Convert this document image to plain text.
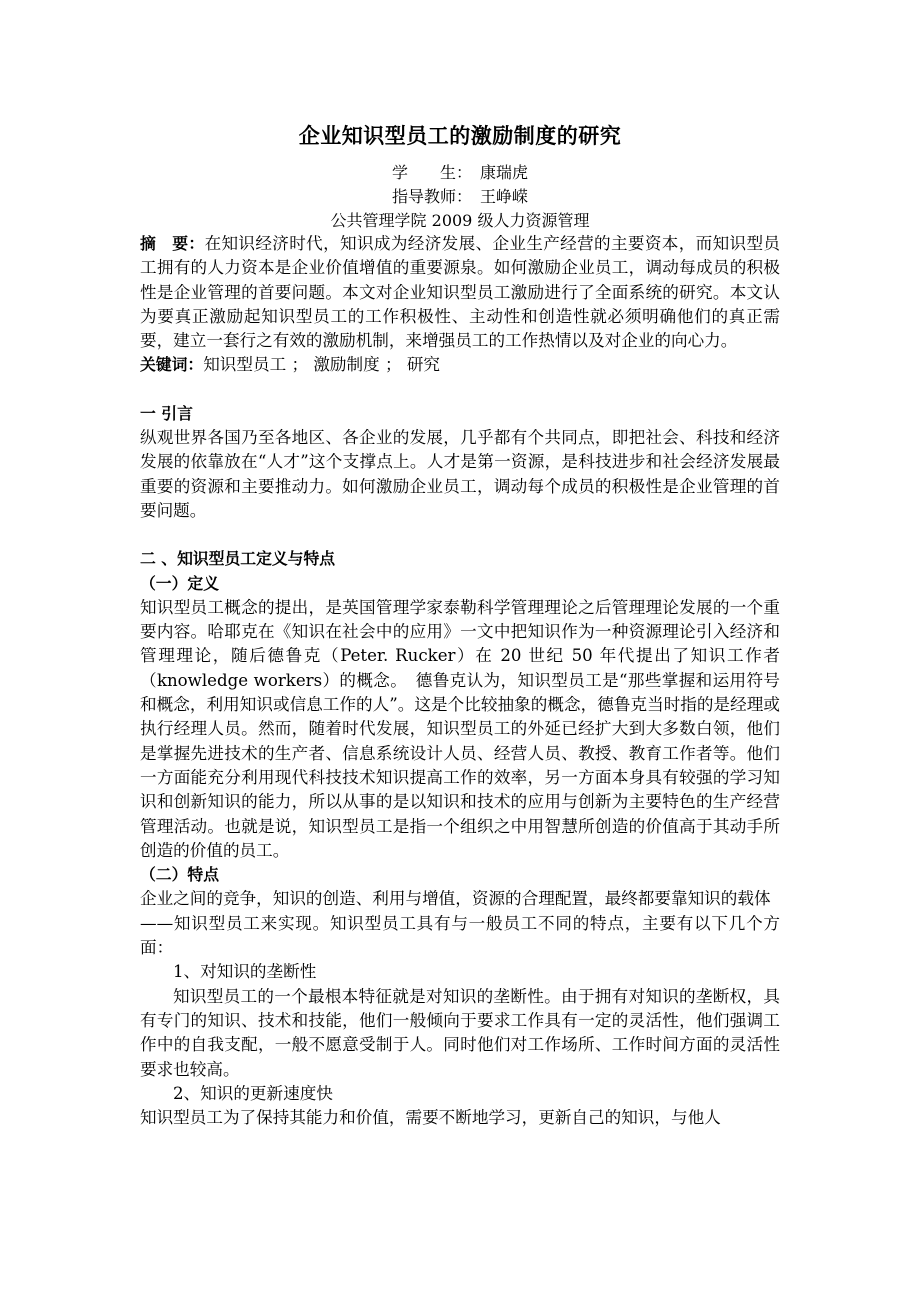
企业知识型员工的激励制度的研究
学　　生：　康瑞虎
指导教师：　王峥嵘
公共管理学院 2009 级人力资源管理

摘　要：在知识经济时代，知识成为经济发展、企业生产经营的主要资本，而知识型员工拥有的人力资本是企业价值增值的重要源泉。如何激励企业员工，调动每成员的积极性是企业管理的首要问题。本文对企业知识型员工激励进行了全面系统的研究。本文认为要真正激励起知识型员工的工作积极性、主动性和创造性就必须明确他们的真正需要，建立一套行之有效的激励机制，来增强员工的工作热情以及对企业的向心力。

关键词：知识型员工 ； 激励制度 ； 研究

一 引言

纵观世界各国乃至各地区、各企业的发展，几乎都有个共同点，即把社会、科技和经济发展的依靠放在“人才”这个支撑点上。人才是第一资源，是科技进步和社会经济发展最重要的资源和主要推动力。如何激励企业员工，调动每个成员的积极性是企业管理的首要问题。

二 、知识型员工定义与特点

（一）定义

知识型员工概念的提出，是英国管理学家泰勒科学管理理论之后管理理论发展的一个重要内容。哈耶克在《知识在社会中的应用》一文中把知识作为一种资源理论引入经济和管理理论，随后德鲁克（Peter. Rucker）在 20 世纪 50 年代提出了知识工作者（knowledge workers）的概念。　德鲁克认为，知识型员工是“那些掌握和运用符号和概念，利用知识或信息工作的人”。这是个比较抽象的概念，德鲁克当时指的是经理或执行经理人员。然而，随着时代发展，知识型员工的外延已经扩大到大多数白领，他们是掌握先进技术的生产者、信息系统设计人员、经营人员、教授、教育工作者等。他们一方面能充分利用现代科技技术知识提高工作的效率，另一方面本身具有较强的学习知识和创新知识的能力，所以从事的是以知识和技术的应用与创新为主要特色的生产经营管理活动。也就是说，知识型员工是指一个组织之中用智慧所创造的价值高于其动手所创造的价值的员工。

（二）特点

企业之间的竞争，知识的创造、利用与增值，资源的合理配置，最终都要靠知识的载体

——知识型员工来实现。知识型员工具有与一般员工不同的特点，主要有以下几个方面：

1、对知识的垄断性

知识型员工的一个最根本特征就是对知识的垄断性。由于拥有对知识的垄断权，具有专门的知识、技术和技能，他们一般倾向于要求工作具有一定的灵活性，他们强调工作中的自我支配，一般不愿意受制于人。同时他们对工作场所、工作时间方面的灵活性要求也较高。

2、知识的更新速度快

知识型员工为了保持其能力和价值，需要不断地学习，更新自己的知识，与他人
